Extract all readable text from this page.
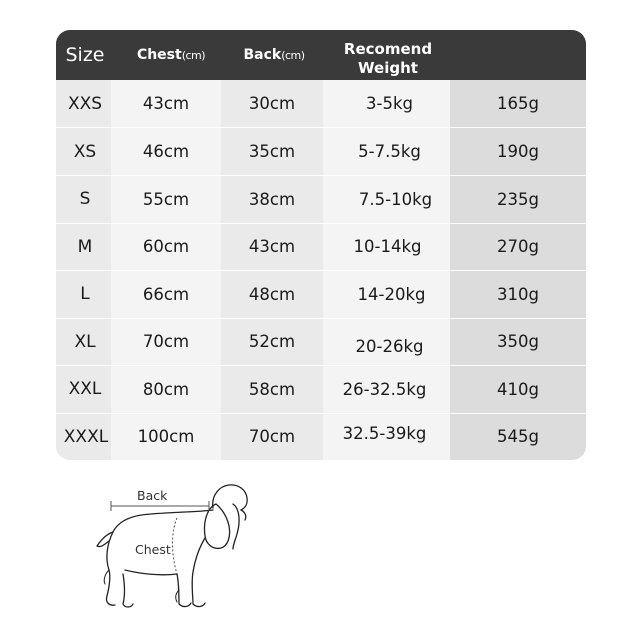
Size	Chest (cm)	Back (cm)	Recomend
Weight
XXS	43cm	30cm	3-5kg	165g
XS	46cm	35cm	5-7.5kg	190g
S	55cm	38cm	7.5-10kg	235g
M	60cm	43cm	10-14kg	270g
L	66cm	48cm	14-20kg	310g
XL	70cm	52cm	20-26kg	350g
XXL	80cm	58cm	26-32.5kg	410g
XXXL	100cm	70cm	32.5-39kg	545g
Back
Chest
